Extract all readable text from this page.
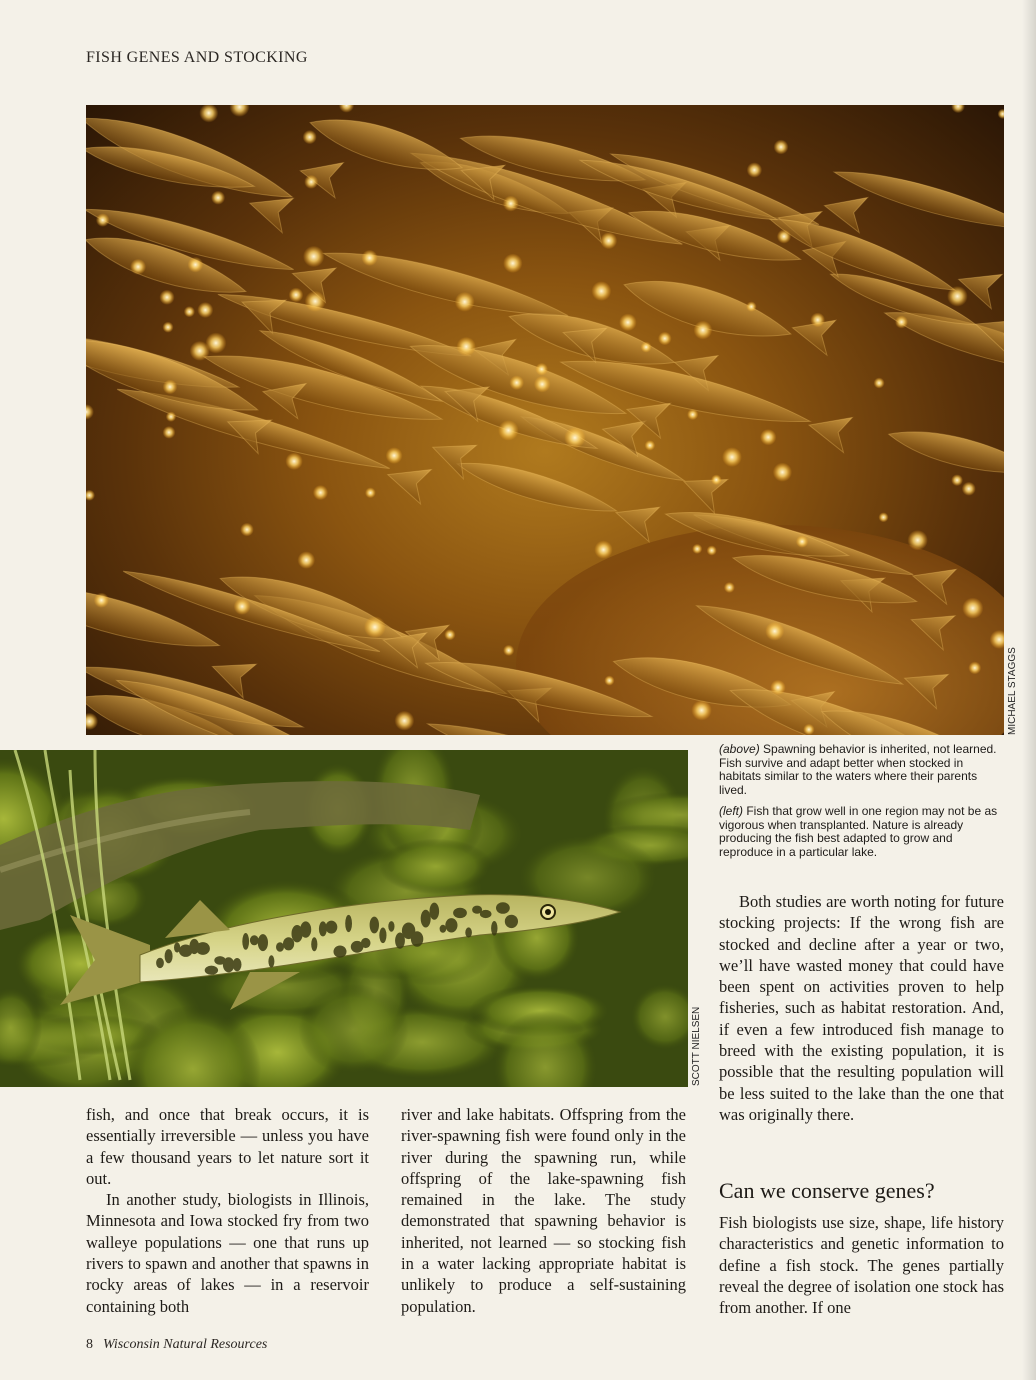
FISH GENES AND STOCKING
MICHAEL STAGGS
SCOTT NIELSEN

(above) Spawning behavior is inherited, not learned. Fish survive and adapt better when stocked in habitats similar to the waters where their parents lived.

(left) Fish that grow well in one region may not be as vigorous when transplanted. Nature is already producing the fish best adapted to grow and reproduce in a particular lake.

fish, and once that break occurs, it is essentially irreversible — unless you have a few thousand years to let nature sort it out.

In another study, biologists in Illinois, Minnesota and Iowa stocked fry from two walleye populations — one that runs up rivers to spawn and another that spawns in rocky areas of lakes — in a reservoir containing both

river and lake habitats. Offspring from the river-spawning fish were found only in the river during the spawning run, while offspring of the lake-spawning fish remained in the lake. The study demonstrated that spawning behavior is inherited, not learned — so stocking fish in a water lacking appropriate habitat is unlikely to produce a self-sustaining population.

Both studies are worth noting for future stocking projects: If the wrong fish are stocked and decline after a year or two, we’ll have wasted money that could have been spent on activities proven to help fisheries, such as habitat restoration. And, if even a few introduced fish manage to breed with the existing population, it is possible that the resulting population will be less suited to the lake than the one that was originally there.

Can we conserve genes?

Fish biologists use size, shape, life history characteristics and genetic information to define a fish stock. The genes partially reveal the degree of isolation one stock has from another. If one

8 Wisconsin Natural Resources
